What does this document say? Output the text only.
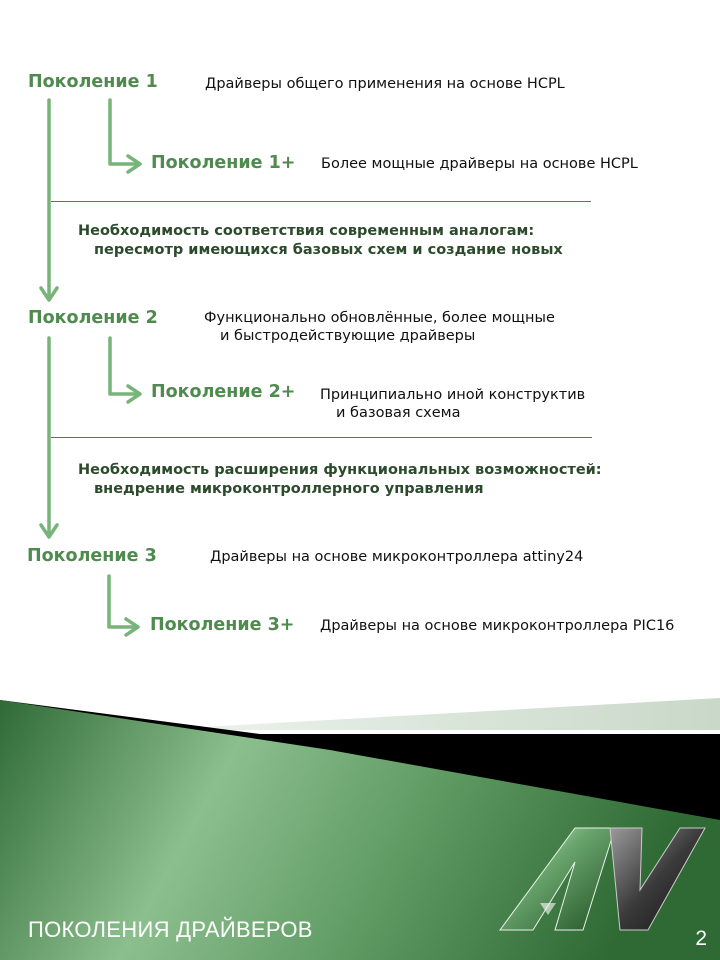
Поколение 1	Драйверы общего применения на основе HCPL
Поколение 1+ Более мощные драйверы на основе HCPL
Необходимость соответствия современным аналогам:
пересмотр имеющихся базовых схем и создание новых
Поколение 2	Функционально обновлённые, более мощные
и быстродействующие драйверы
Поколение 2+ Принципиально иной конструктив
и базовая схема
Необходимость расширения функциональных возможностей:
внедрение микроконтроллерного управления
Поколение 3	Драйверы на основе микроконтроллера attiny24
Поколение 3+ Драйверы на основе микроконтроллера PIC16
ПОКОЛЕНИЯ ДРАЙВЕРОВ	2
